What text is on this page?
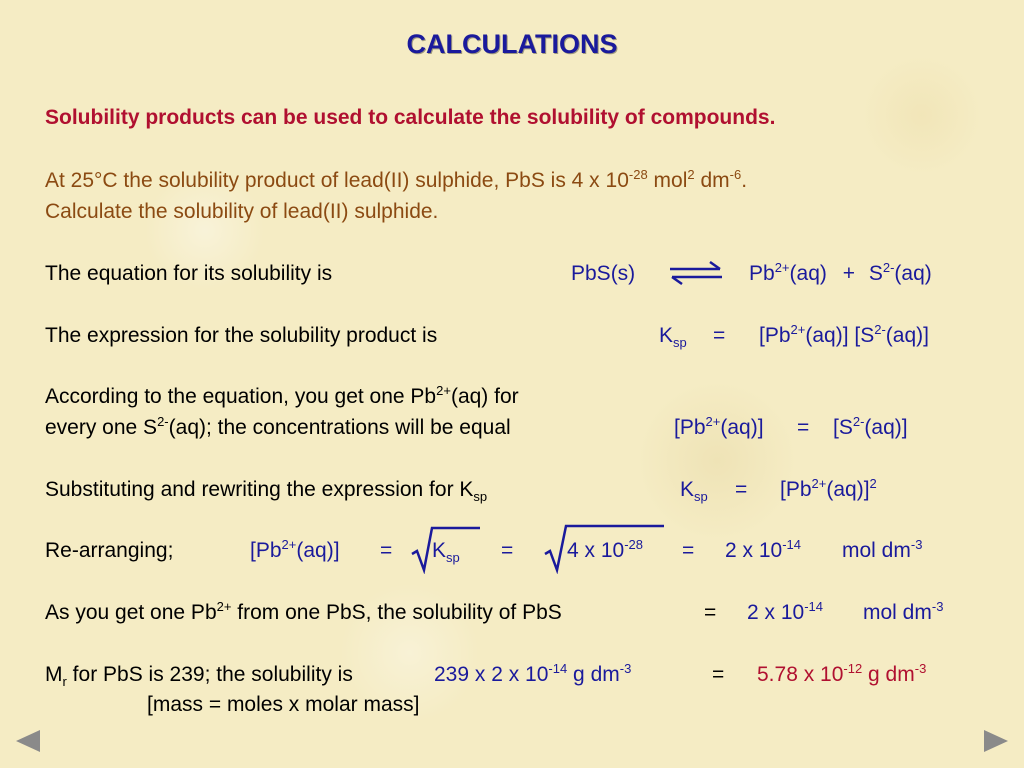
CALCULATIONS
Solubility products can be used to calculate the solubility of compounds.
At 25°C the solubility product of lead(II) sulphide, PbS is 4 x $10^{-28}$ mol$^2$ $dm^{-6}$.
Calculate the solubility of lead(II) sulphide.
The equation for its solubility is	PbS(s) ⇌ $Pb^{2+}(aq) + S^{2-}(aq)$
The expression for the solubility product is	$K_{sp} = [Pb^{2+}(aq)]$ $[S^{2-}(aq)]$
According to the equation, you get one $Pb^{2+}(aq)$ for
every one $S^{2-}(aq)$; the concentrations will be equal	$[Pb^{2+}(aq)] = [S^{2-}(aq)]$
Substituting and rewriting the expression for $K_{sp}$	$K_{sp} = [Pb^{2+}(aq)]^2$
Re-arranging;	$[Pb^{2+}(aq)] = K_{sp}$ =	4 x $10^{-28} = 2$ x $10^{-14}$ mol $dm^{-3}$
As you get one $Pb^{2+}$ from one PbS, the solubility of PbS	= 2 x $10^{-14}$ mol $dm^{-3}$
$M_r$ for PbS is 239; the solubility is	239 x 2 x $10^{-14}$ g $dm^{-3}$	= 5.78 x $10^{-12}$ g $dm^{-3}$
[mass = moles x molar mass]
